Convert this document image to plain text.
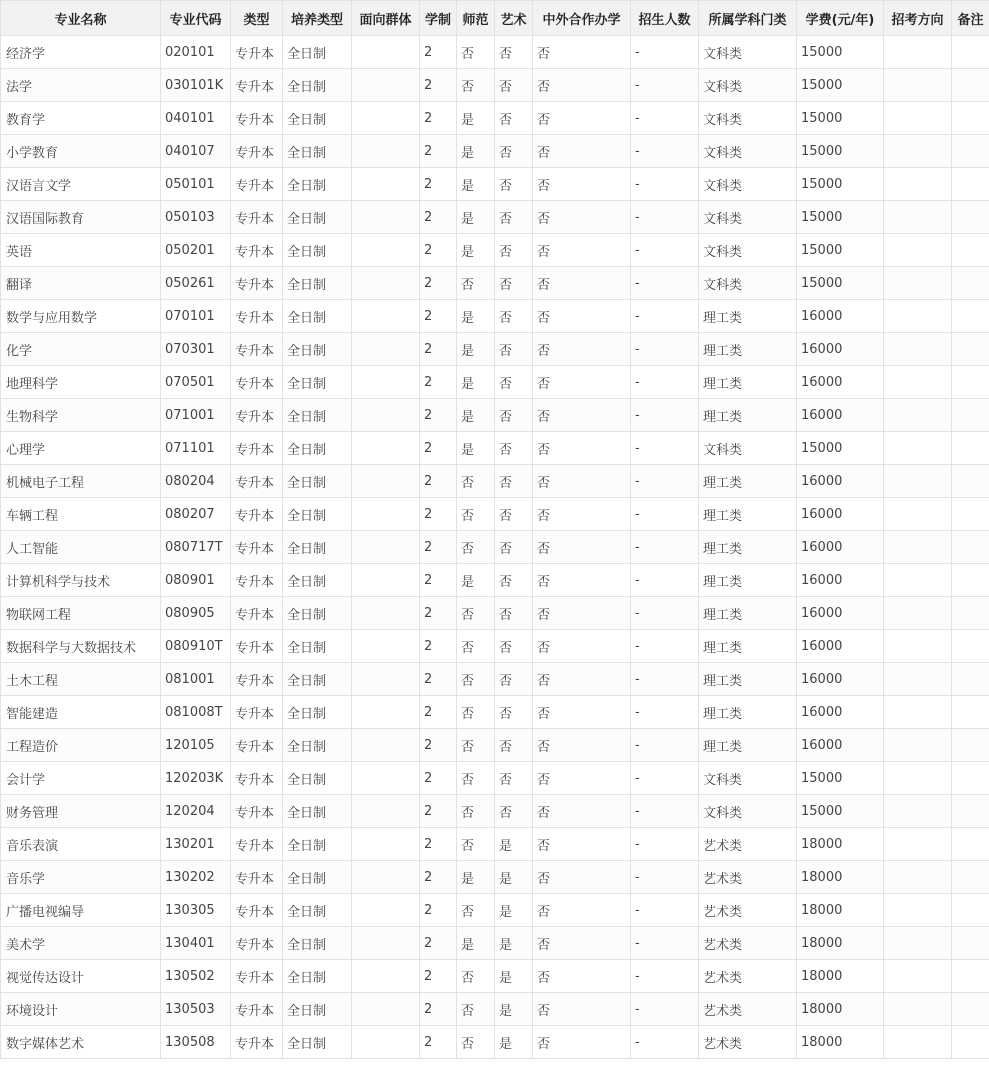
专业名称	专业代码	类型	培养类型	面向群体	学制	师范	艺术	中外合作办学	招生人数	所属学科门类	学费(元/年)	招考方向	备注
经济学	020101	专升本	全日制		2	否	否	否	-	文科类	15000		
法学	030101K	专升本	全日制		2	否	否	否	-	文科类	15000		
教育学	040101	专升本	全日制		2	是	否	否	-	文科类	15000		
小学教育	040107	专升本	全日制		2	是	否	否	-	文科类	15000		
汉语言文学	050101	专升本	全日制		2	是	否	否	-	文科类	15000		
汉语国际教育	050103	专升本	全日制		2	是	否	否	-	文科类	15000		
英语	050201	专升本	全日制		2	是	否	否	-	文科类	15000		
翻译	050261	专升本	全日制		2	否	否	否	-	文科类	15000		
数学与应用数学	070101	专升本	全日制		2	是	否	否	-	理工类	16000		
化学	070301	专升本	全日制		2	是	否	否	-	理工类	16000		
地理科学	070501	专升本	全日制		2	是	否	否	-	理工类	16000		
生物科学	071001	专升本	全日制		2	是	否	否	-	理工类	16000		
心理学	071101	专升本	全日制		2	是	否	否	-	文科类	15000		
机械电子工程	080204	专升本	全日制		2	否	否	否	-	理工类	16000		
车辆工程	080207	专升本	全日制		2	否	否	否	-	理工类	16000		
人工智能	080717T	专升本	全日制		2	否	否	否	-	理工类	16000		
计算机科学与技术	080901	专升本	全日制		2	是	否	否	-	理工类	16000		
物联网工程	080905	专升本	全日制		2	否	否	否	-	理工类	16000		
数据科学与大数据技术	080910T	专升本	全日制		2	否	否	否	-	理工类	16000		
土木工程	081001	专升本	全日制		2	否	否	否	-	理工类	16000		
智能建造	081008T	专升本	全日制		2	否	否	否	-	理工类	16000		
工程造价	120105	专升本	全日制		2	否	否	否	-	理工类	16000		
会计学	120203K	专升本	全日制		2	否	否	否	-	文科类	15000		
财务管理	120204	专升本	全日制		2	否	否	否	-	文科类	15000		
音乐表演	130201	专升本	全日制		2	否	是	否	-	艺术类	18000		
音乐学	130202	专升本	全日制		2	是	是	否	-	艺术类	18000		
广播电视编导	130305	专升本	全日制		2	否	是	否	-	艺术类	18000		
美术学	130401	专升本	全日制		2	是	是	否	-	艺术类	18000		
视觉传达设计	130502	专升本	全日制		2	否	是	否	-	艺术类	18000		
环境设计	130503	专升本	全日制		2	否	是	否	-	艺术类	18000		
数字媒体艺术	130508	专升本	全日制		2	否	是	否	-	艺术类	18000		
